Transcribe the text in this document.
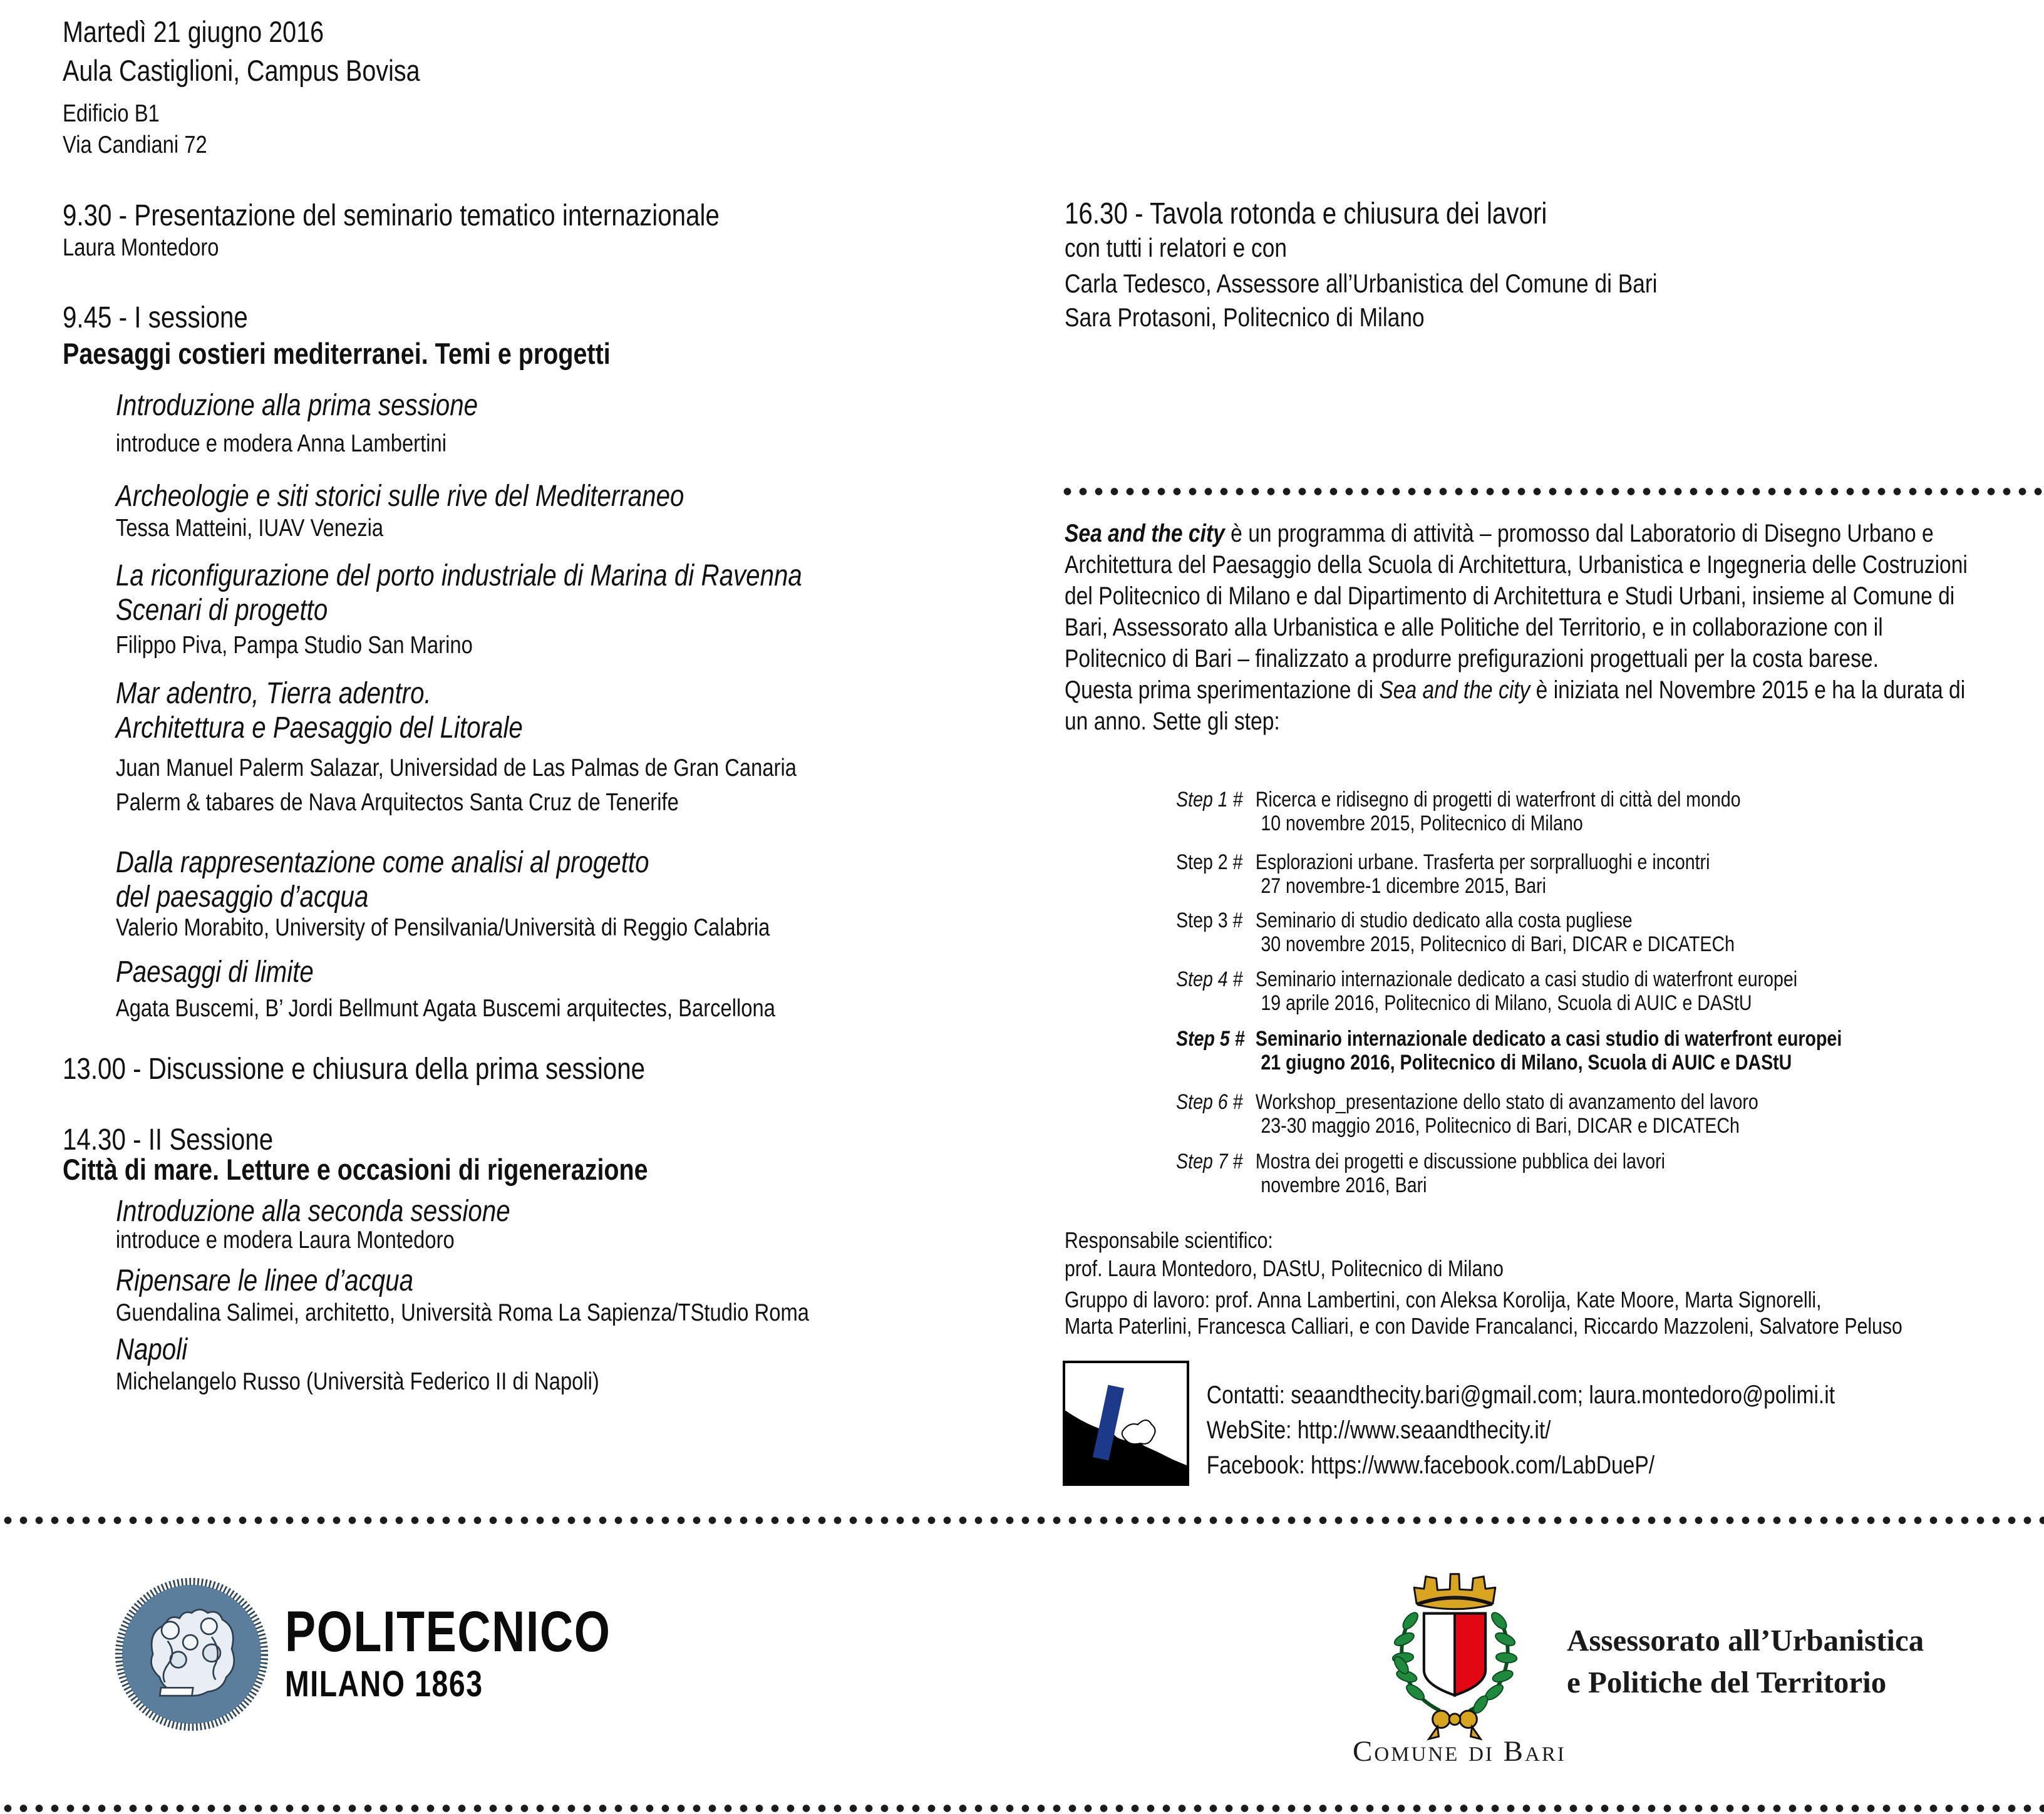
Martedì 21 giugno 2016
Aula Castiglioni, Campus Bovisa
Edificio B1
Via Candiani 72
9.30 - Presentazione del seminario tematico internazionale
Laura Montedoro
9.45 - I sessione
Paesaggi costieri mediterranei. Temi e progetti
Introduzione alla prima sessione
introduce e modera Anna Lambertini
Archeologie e siti storici sulle rive del Mediterraneo
Tessa Matteini, IUAV Venezia
La riconfigurazione del porto industriale di Marina di Ravenna
Scenari di progetto
Filippo Piva, Pampa Studio San Marino
Mar adentro, Tierra adentro.
Architettura e Paesaggio del Litorale
Juan Manuel Palerm Salazar, Universidad de Las Palmas de Gran Canaria
Palerm & tabares de Nava Arquitectos Santa Cruz de Tenerife
Dalla rappresentazione come analisi al progetto
del paesaggio d’acqua
Valerio Morabito, University of Pensilvania/Università di Reggio Calabria
Paesaggi di limite
Agata Buscemi, B’ Jordi Bellmunt Agata Buscemi arquitectes, Barcellona
13.00 - Discussione e chiusura della prima sessione
14.30 - II Sessione
Città di mare. Letture e occasioni di rigenerazione
Introduzione alla seconda sessione
introduce e modera Laura Montedoro
Ripensare le linee d’acqua
Guendalina Salimei, architetto, Università Roma La Sapienza/TStudio Roma
Napoli
Michelangelo Russo (Università Federico II di Napoli)
16.30 - Tavola rotonda e chiusura dei lavori
con tutti i relatori e con
Carla Tedesco, Assessore all’Urbanistica del Comune di Bari
Sara Protasoni, Politecnico di Milano
Sea and the city è un programma di attività – promosso dal Laboratorio di Disegno Urbano e Architettura del Paesaggio della Scuola di Architettura, Urbanistica e Ingegneria delle Costruzioni del Politecnico di Milano e dal Dipartimento di Architettura e Studi Urbani, insieme al Comune di Bari, Assessorato alla Urbanistica e alle Politiche del Territorio, e in collaborazione con il Politecnico di Bari – finalizzato a produrre prefigurazioni progettuali per la costa barese.
Questa prima sperimentazione di Sea and the city è iniziata nel Novembre 2015 e ha la durata di un anno. Sette gli step:
Step 1 # Ricerca e ridisegno di progetti di waterfront di città del mondo
10 novembre 2015, Politecnico di Milano
Step 2 # Esplorazioni urbane. Trasferta per sorpralluoghi e incontri
27 novembre-1 dicembre 2015, Bari
Step 3 # Seminario di studio dedicato alla costa pugliese
30 novembre 2015, Politecnico di Bari, DICAR e DICATECh
Step 4 # Seminario internazionale dedicato a casi studio di waterfront europei
19 aprile 2016, Politecnico di Milano, Scuola di AUIC e DAStU
Step 5 # Seminario internazionale dedicato a casi studio di waterfront europei
21 giugno 2016, Politecnico di Milano, Scuola di AUIC e DAStU
Step 6 # Workshop_presentazione dello stato di avanzamento del lavoro
23-30 maggio 2016, Politecnico di Bari, DICAR e DICATECh
Step 7 # Mostra dei progetti e discussione pubblica dei lavori
novembre 2016, Bari
Responsabile scientifico:
prof. Laura Montedoro, DAStU, Politecnico di Milano
Gruppo di lavoro: prof. Anna Lambertini, con Aleksa Korolija, Kate Moore, Marta Signorelli,
Marta Paterlini, Francesca Calliari, e con Davide Francalanci, Riccardo Mazzoleni, Salvatore Peluso
Contatti: seaandthecity.bari@gmail.com; laura.montedoro@polimi.it
WebSite: http://www.seaandthecity.it/
Facebook: https://www.facebook.com/LabDueP/
POLITECNICO
MILANO 1863
Comune di Bari
Assessorato all’Urbanistica
e Politiche del Territorio
